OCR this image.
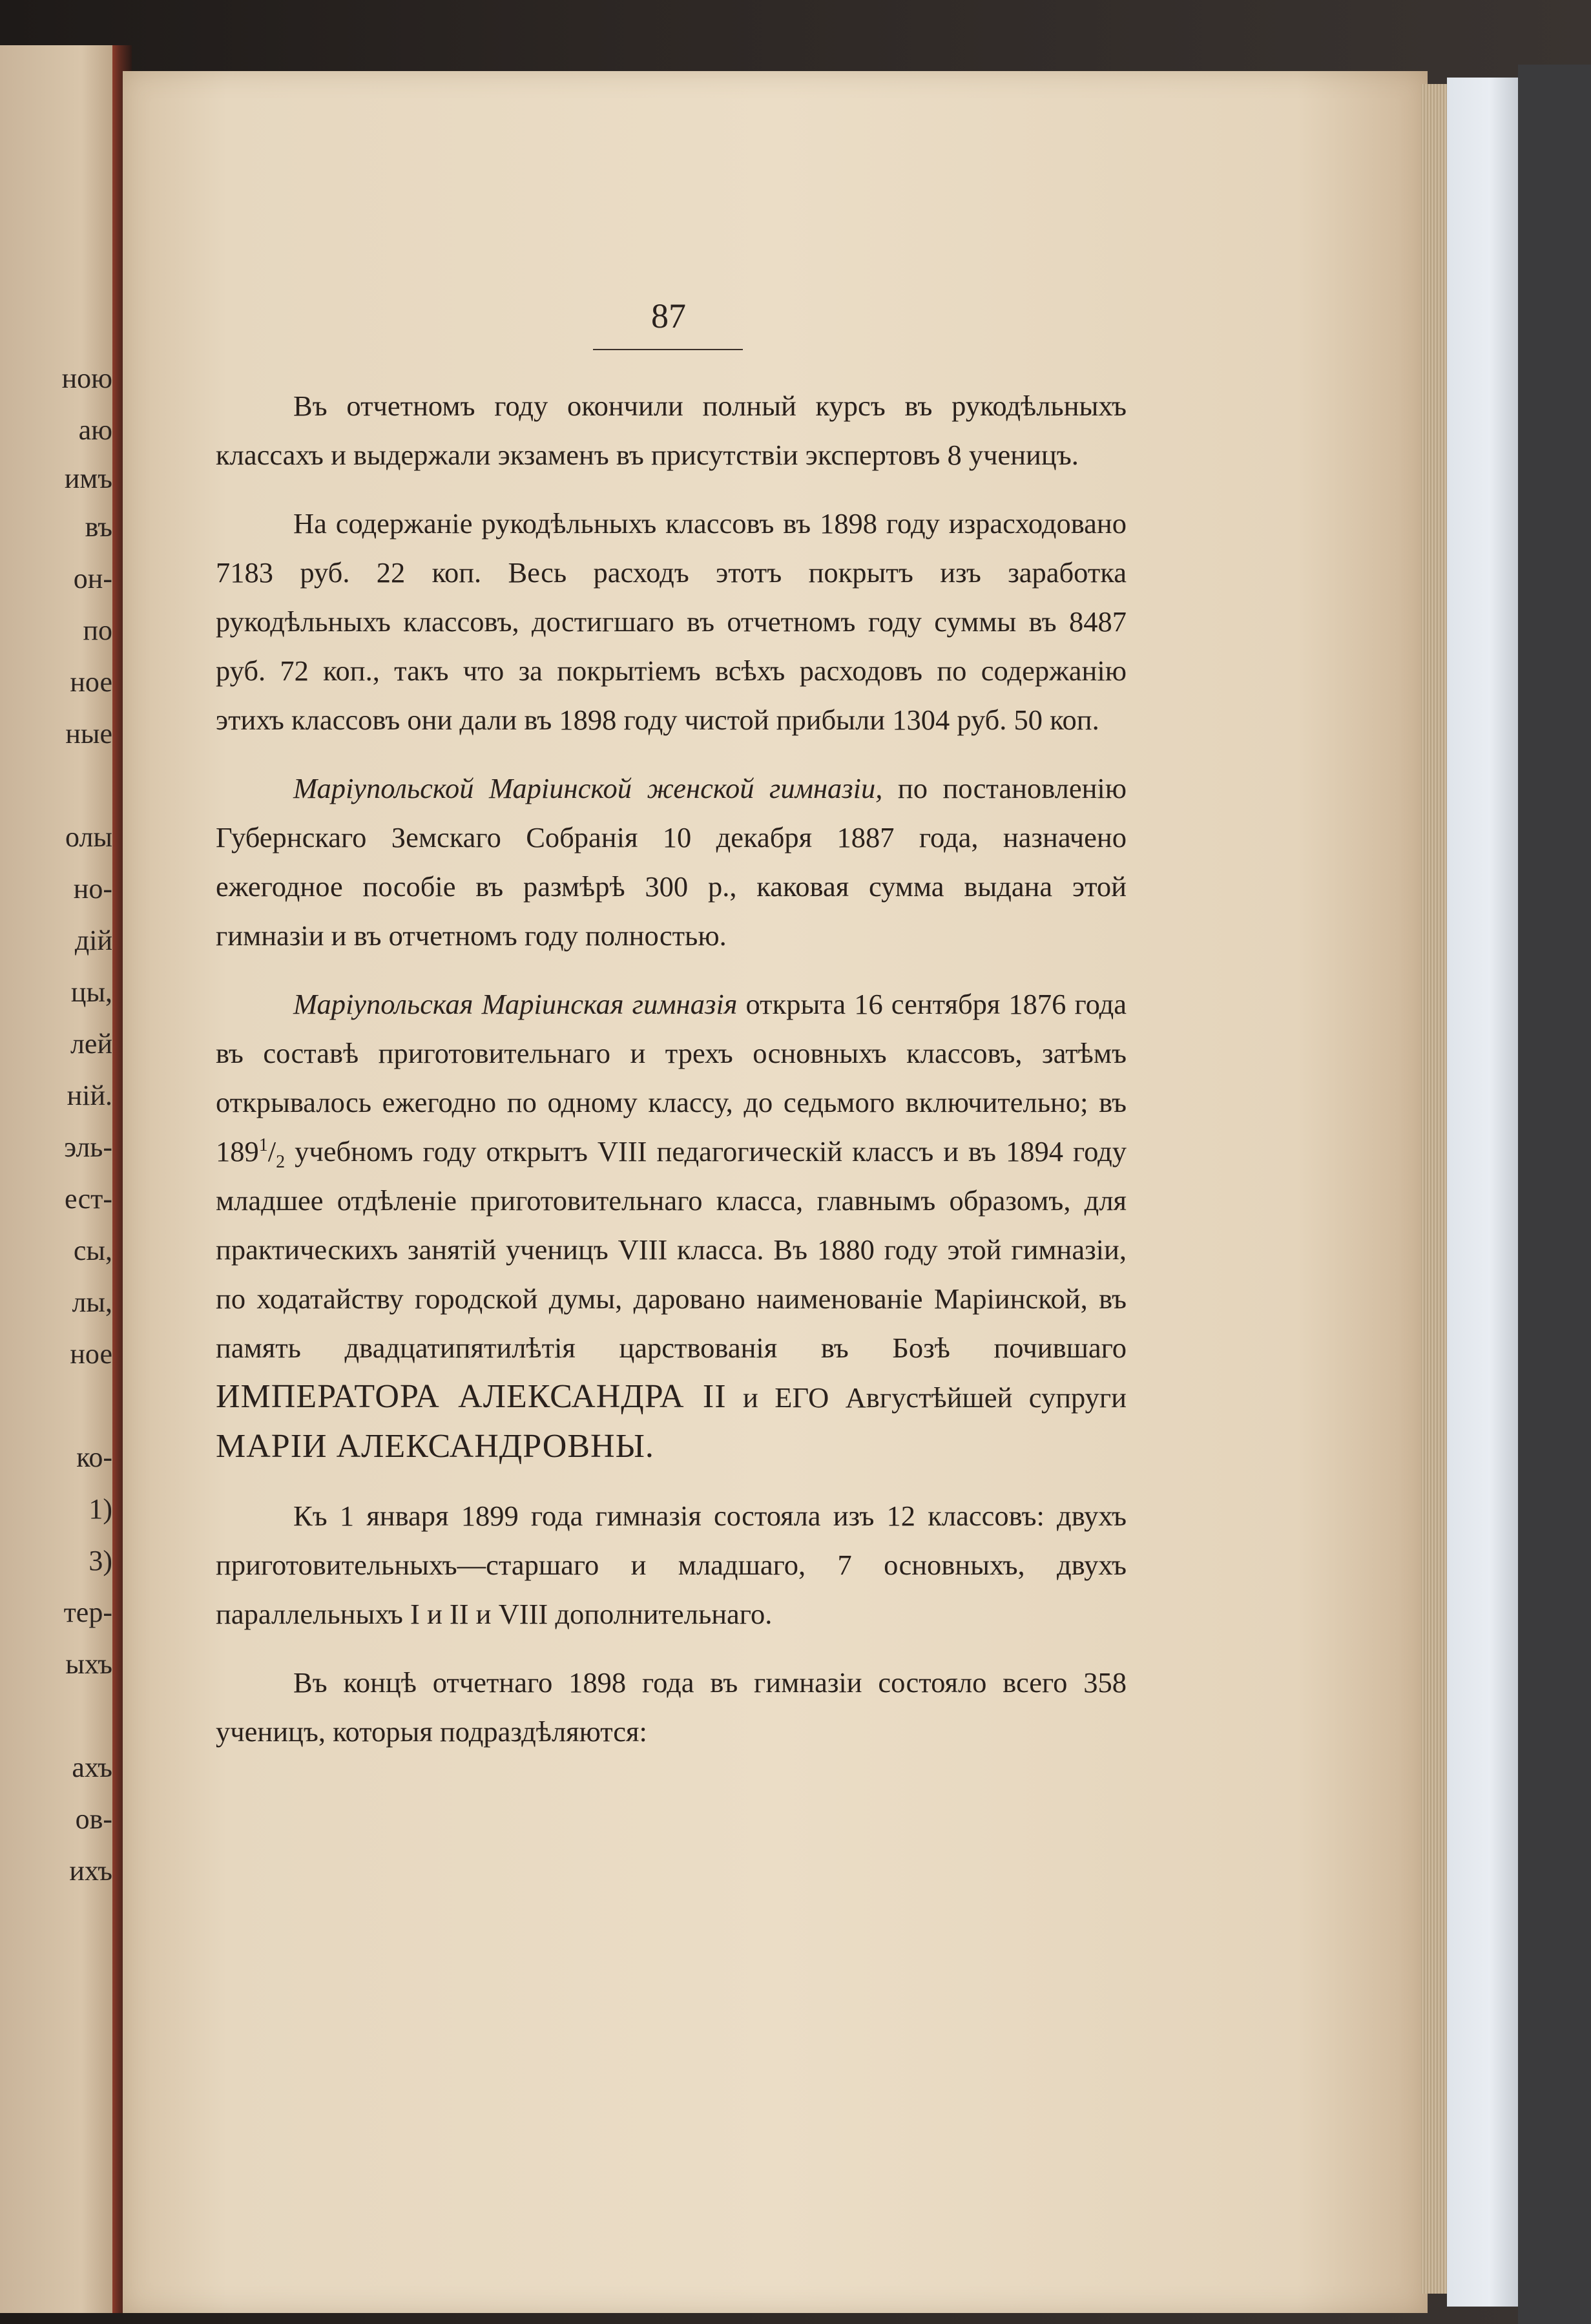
ною
аю
имъ
въ
он-
по
ное
ные
олы
но-
дій
цы,
лей
ній.
эль-
ест-
сы,
лы,
ное
ко-
1)
3)
тер-
ыхъ
ахъ
ов-
ихъ

87

Въ отчетномъ году окончили полный курсъ въ рукодѣльныхъ классахъ и выдержали экзаменъ въ присутствіи экспертовъ 8 ученицъ.

На содержаніе рукодѣльныхъ классовъ въ 1898 году израсходовано 7183 руб. 22 коп. Весь расходъ этотъ покрытъ изъ заработка рукодѣльныхъ классовъ, достигшаго въ отчетномъ году суммы въ 8487 руб. 72 коп., такъ что за покрытіемъ всѣхъ расходовъ по содержанію этихъ классовъ они дали въ 1898 году чистой прибыли 1304 руб. 50 коп.

Маріупольской Маріинской женской гимназіи, по постановленію Губернскаго Земскаго Собранія 10 декабря 1887 года, назначено ежегодное пособіе въ размѣрѣ 300 р., каковая сумма выдана этой гимназіи и въ отчетномъ году полностью.

Маріупольская Маріинская гимназія открыта 16 сентября 1876 года въ составѣ приготовительнаго и трехъ основныхъ классовъ, затѣмъ открывалось ежегодно по одному классу, до седьмого включительно; въ $189^1/_2$ учебномъ году открытъ VIII педагогическій классъ и въ 1894 году младшее отдѣленіе приготовительнаго класса, главнымъ образомъ, для практическихъ занятій ученицъ VIII класса. Въ 1880 году этой гимназіи, по ходатайству городской думы, даровано наименованіе Маріинской, въ память двадцатипятилѣтія царствованія въ Бозѣ почившаго ИМПЕРАТОРА АЛЕКСАНДРА II и ЕГО Августѣйшей супруги МАРІИ АЛЕКСАНДРОВНЫ.

Къ 1 января 1899 года гимназія состояла изъ 12 классовъ: двухъ приготовительныхъ—старшаго и младшаго, 7 основныхъ, двухъ параллельныхъ I и II и VIII дополнительнаго.

Въ концѣ отчетнаго 1898 года въ гимназіи состояло всего 358 ученицъ, которыя подраздѣляются:
